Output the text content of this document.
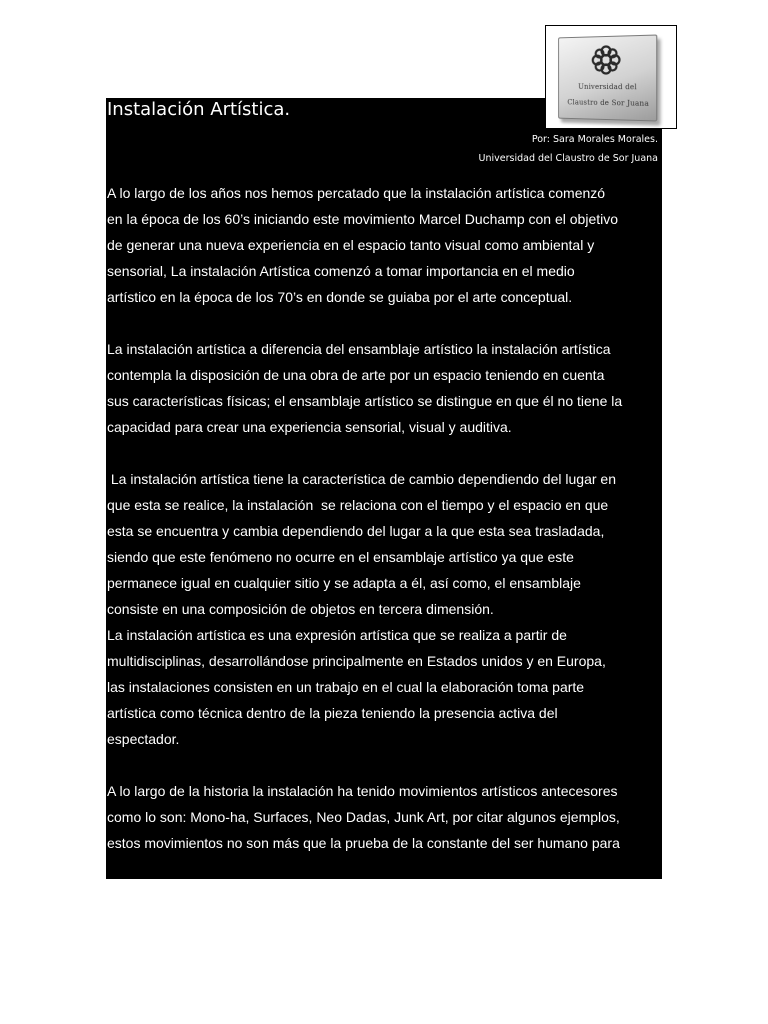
Instalación Artística.
Por: Sara Morales Morales.
Universidad del Claustro de Sor Juana

A lo largo de los años nos hemos percatado que la instalación artística comenzó
en la época de los 60’s iniciando este movimiento Marcel Duchamp con el objetivo
de generar una nueva experiencia en el espacio tanto visual como ambiental y
sensorial, La instalación Artística comenzó a tomar importancia en el medio
artístico en la época de los 70’s en donde se guiaba por el arte conceptual.

La instalación artística a diferencia del ensamblaje artístico la instalación artística
contempla la disposición de una obra de arte por un espacio teniendo en cuenta
sus características físicas; el ensamblaje artístico se distingue en que él no tiene la
capacidad para crear una experiencia sensorial, visual y auditiva.

La instalación artística tiene la característica de cambio dependiendo del lugar en
que esta se realice, la instalación  se relaciona con el tiempo y el espacio en que
esta se encuentra y cambia dependiendo del lugar a la que esta sea trasladada,
siendo que este fenómeno no ocurre en el ensamblaje artístico ya que este
permanece igual en cualquier sitio y se adapta a él, así como, el ensamblaje
consiste en una composición de objetos en tercera dimensión.

La instalación artística es una expresión artística que se realiza a partir de
multidisciplinas, desarrollándose principalmente en Estados unidos y en Europa,
las instalaciones consisten en un trabajo en el cual la elaboración toma parte
artística como técnica dentro de la pieza teniendo la presencia activa del
espectador.

A lo largo de la historia la instalación ha tenido movimientos artísticos antecesores
como lo son: Mono-ha, Surfaces, Neo Dadas, Junk Art, por citar algunos ejemplos,
estos movimientos no son más que la prueba de la constante del ser humano para

Universidad del
Claustro de Sor Juana
